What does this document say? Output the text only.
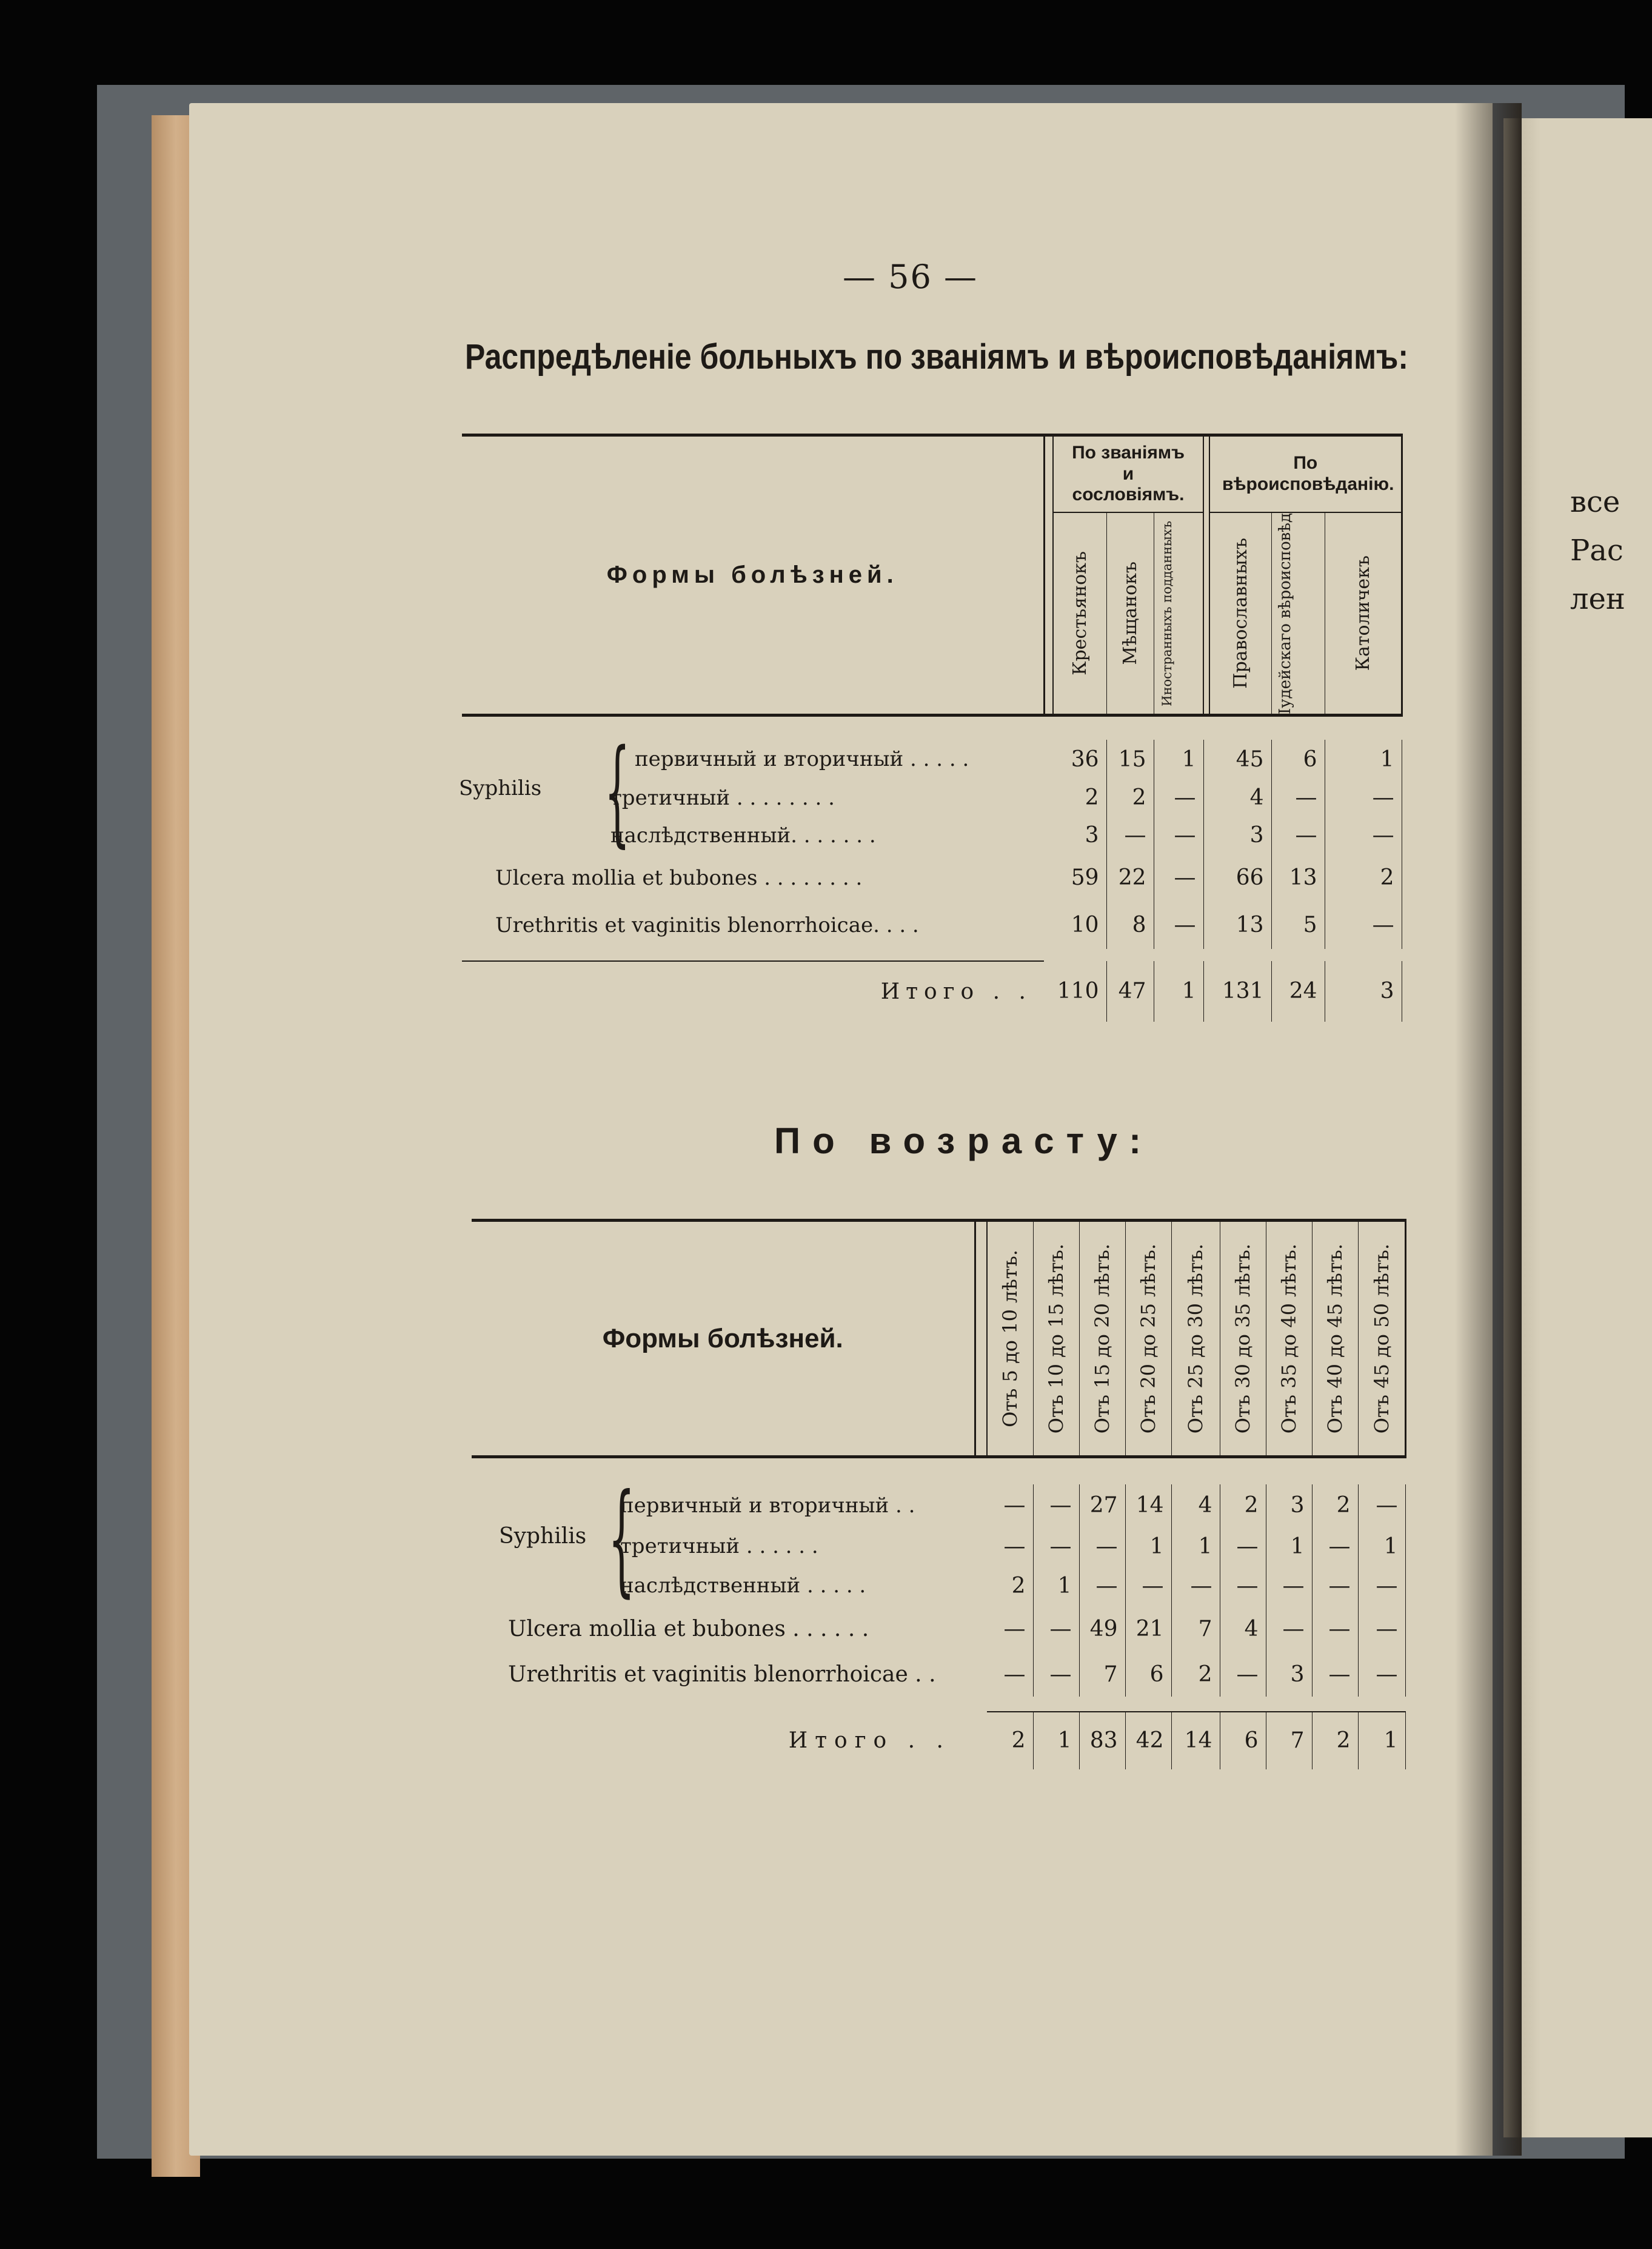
все
Рас
лен
— 56 —
Распредѣленіе больныхъ по званіямъ и вѣроисповѣданіямъ:
Формы болѣзней.		По званіямъ и сословіямъ.				По вѣроисповѣданію.		

		Крестьянокъ	Мѣщанокъ	Иностранныхъ подданныхъ		Православныхъ	Іудейскаго вѣроисповѣд	Католичекъ

Syphilis { первичный и вторичный . . . . .		36	15	1		45	6	1
третичный . . . . . . . .		2	2	—		4	—	—
наслѣдственный. . . . . . .		3	—	—		3	—	—
Ulcera mollia et bubones . . . . . . . .		59	22	—		66	13	2
Urethritis et vaginitis blenorrhoicae. . . .		10	8	—		13	5	—

Итого . .		110	47	1		131	24	3

По возрасту:
Формы болѣзней.		Отъ 5 до 10 лѣтъ.	Отъ 10 до 15 лѣтъ.	Отъ 15 до 20 лѣтъ.	Отъ 20 до 25 лѣтъ.	Отъ 25 до 30 лѣтъ.	Отъ 30 до 35 лѣтъ.	Отъ 35 до 40 лѣтъ.	Отъ 40 до 45 лѣтъ.	Отъ 45 до 50 лѣтъ.

Syphilis {
первичный и вторичный . .		—	—	27	14	4	2	3	2	—
третичный . . . . . .		—	—	—	1	1	—	1	—	1
наслѣдственный . . . . .		2	1	—	—	—	—	—	—	—
Ulcera mollia et bubones . . . . . .		—	—	49	21	7	4	—	—	—
Urethritis et vaginitis blenorrhoicae . .		—	—	7	6	2	—	3	—	—

Итого . .		2	1	83	42	14	6	7	2	1
